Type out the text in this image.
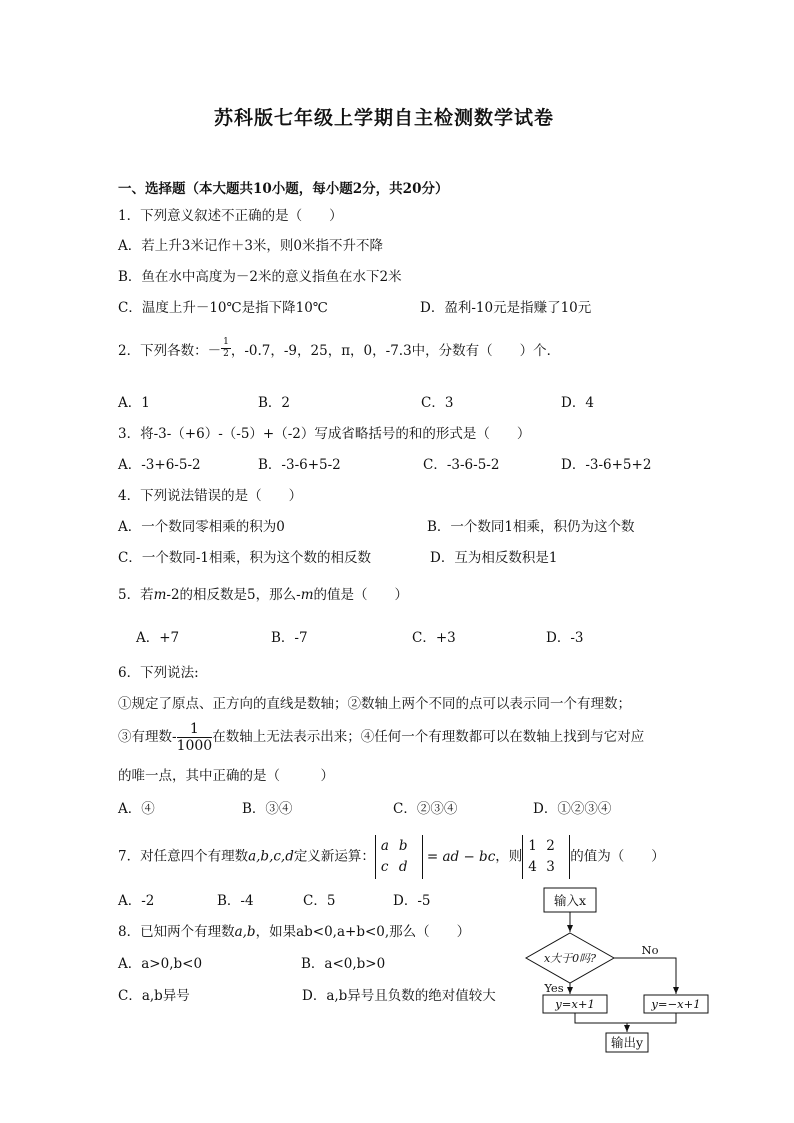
苏科版七年级上学期自主检测数学试卷
一、选择题（本大题共10小题，每小题2分，共20分）
1．下列意义叙述不正确的是（　　）
A．若上升3米记作＋3米，则0米指不升不降
B．鱼在水中高度为－2米的意义指鱼在水下2米
C．温度上升－10℃是指下降10℃	D．盈利-10元是指赚了10元
2．下列各数：－ $\frac{1}{2}$ ，-0.7，-9，25，π，0，-7.3中，分数有（　　）个．
A．1	B．2	C．3	D．4
3．将-3-（+6）-（-5）+（-2）写成省略括号的和的形式是（　　）
A．-3+6-5-2	B．-3-6+5-2	C．-3-6-5-2	D．-3-6+5+2
4．下列说法错误的是（　　）
A．一个数同零相乘的积为0	B．一个数同1相乘，积仍为这个数
C．一个数同-1相乘，积为这个数的相反数	D．互为相反数积是1
5．若m-2的相反数是5，那么-m的值是（　　）
A．+7	B．-7	C．+3	D．-3
6．下列说法:
①规定了原点、正方向的直线是数轴；②数轴上两个不同的点可以表示同一个有理数；
③有理数- $\frac{1}{1000}$ 在数轴上无法表示出来；④任何一个有理数都可以在数轴上找到与它对应
的唯一点，其中正确的是（　　　）
A．④	B．③④	C．②③④	D．①②③④
7．对任意四个有理数a,b,c,d定义新运算：
a b
c d
= ad − bc，则
1 2
4 3
的值为（　　）
A．-2	B．-4	C．5	D．-5
8．已知两个有理数a,b，如果ab<0,a+b<0,那么（　　）
A．a>0,b<0	B．a<0,b>0
C．a,b异号	D．a,b异号且负数的绝对值较大
输入x
x大于0吗?
No
Yes
y=x+1	y=−x+1
输出y
